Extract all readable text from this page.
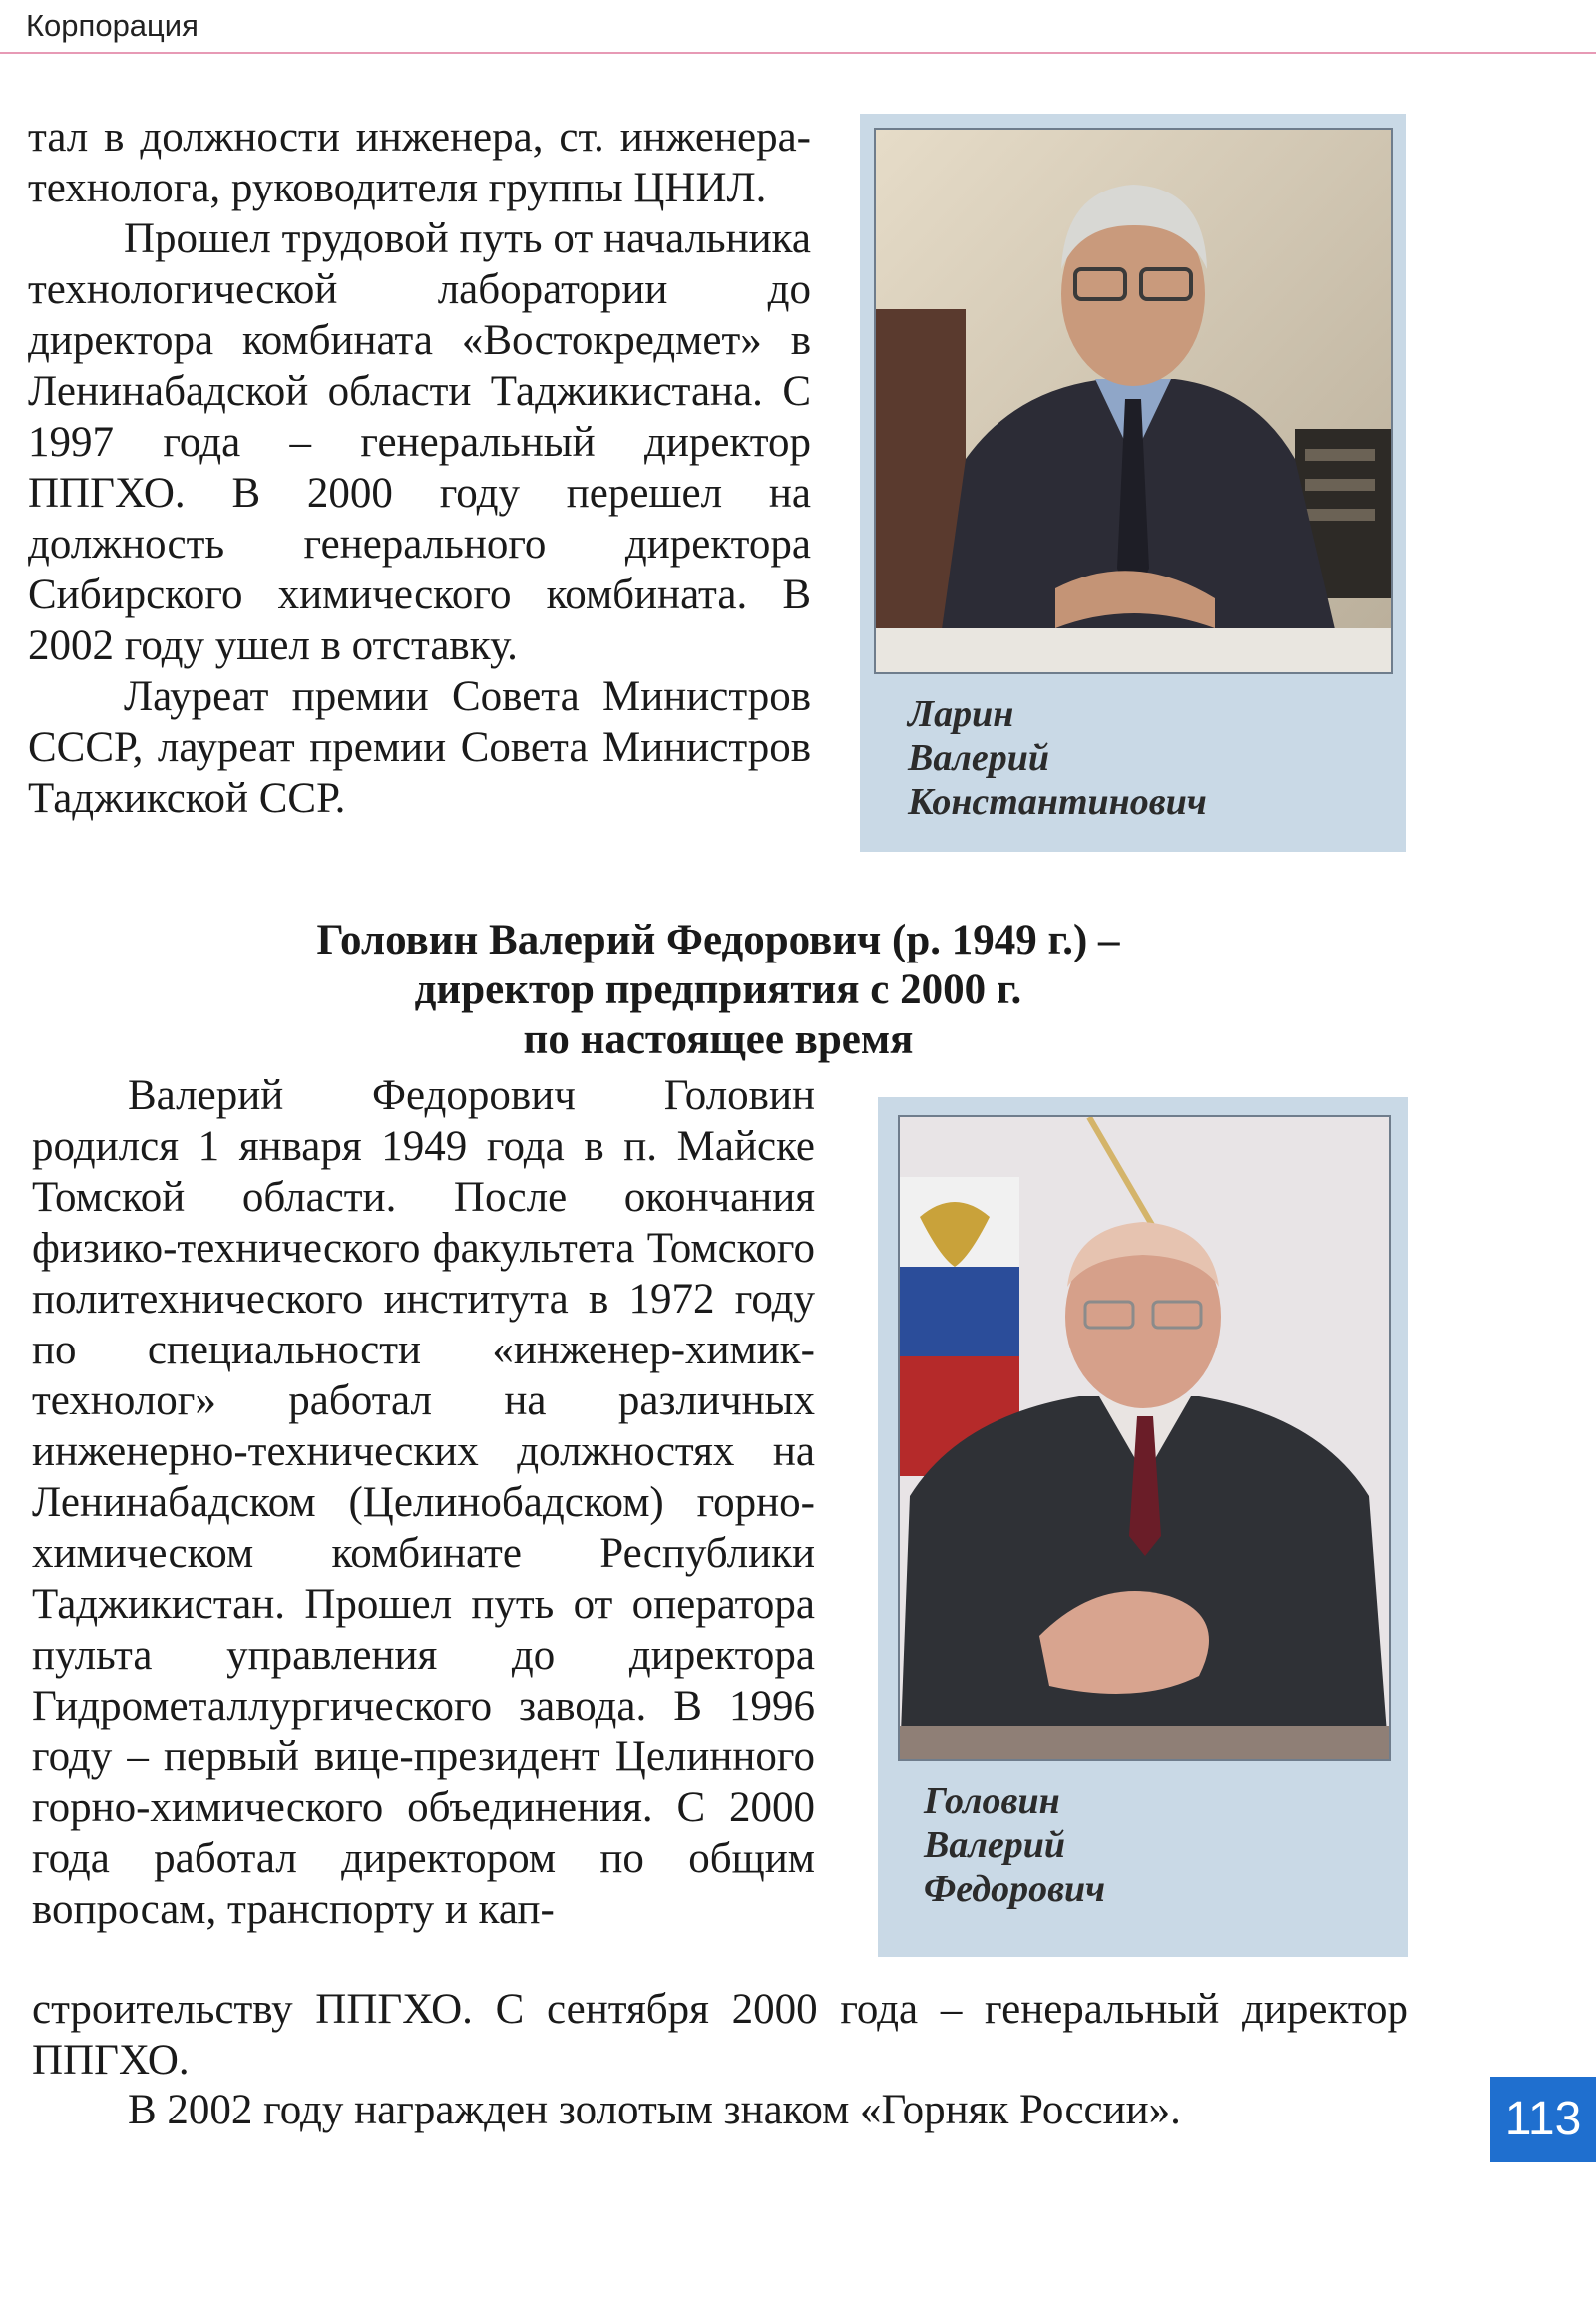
Корпорация

тал в должности инженера, ст. инженера-технолога, руководителя группы ЦНИЛ.

Прошел трудовой путь от начальника технологической лаборатории до директора комбината «Востокредмет» в Ленинабадской области Таджикистана. С 1997 года – генеральный директор ППГХО. В 2000 году перешел на должность генерального директора Сибирского химического комбината. В 2002 году ушел в отставку.

Лауреат премии Совета Министров СССР, лауреат премии Совета Министров Таджикской ССР.

Ларин
Валерий
Константинович
Головин Валерий Федорович (р. 1949 г.) –
директор предприятия с 2000 г.
по настоящее время

Валерий Федорович Головин родился 1 января 1949 года в п. Майске Томской области. После окончания физико-технического факультета Томского политехнического института в 1972 году по специальности «инженер-химик-технолог» работал на различных инженерно-технических должностях на Ленинабадском (Целинобадском) горно-химическом комбинате Республики Таджикистан. Прошел путь от оператора пульта управления до директора Гидрометаллургического завода. В 1996 году – первый вице-президент Целинного горно-химического объединения. С 2000 года работал директором по общим вопросам, транспорту и кап-

Головин
Валерий
Федорович

строительству ППГХО. С сентября 2000 года – генеральный директор ППГХО.

В 2002 году награжден золотым знаком «Горняк России».	113
